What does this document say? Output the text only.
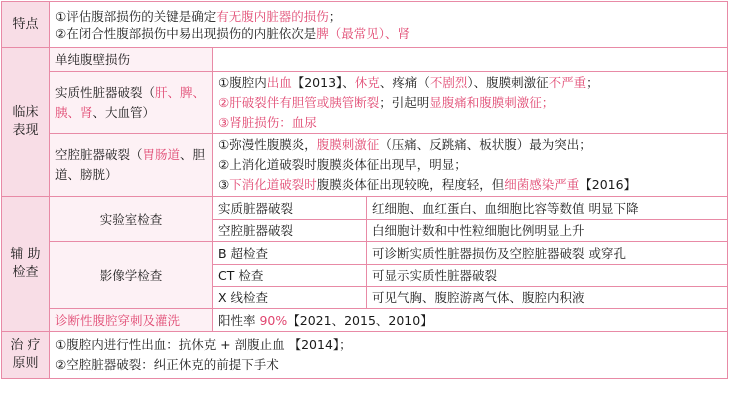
特点	①评估腹部损伤的关键是确定有无腹内脏器的损伤；
②在闭合性腹部损伤中易出现损伤的内脏依次是脾（最常见）、肾		

临床
表现	单纯腹壁损伤		
	实质性脏器破裂（肝、脾、胰、肾、大血管）	①腹腔内出血【2013】、休克、疼痛（不剧烈）、腹膜刺激征不严重；
②肝破裂伴有胆管或胰管断裂；引起明显腹痛和腹膜刺激征；
③肾脏损伤：血尿	

	空腔脏器破裂（胃肠道、胆道、膀胱）	①弥漫性腹膜炎，腹膜刺激征（压痛、反跳痛、板状腹）最为突出；
②上消化道破裂时腹膜炎体征出现早，明显；
③下消化道破裂时腹膜炎体征出现较晚，程度轻，但细菌感染严重【2016】	

辅 助
检查	实验室检查	实质脏器破裂	红细胞、血红蛋白、血细胞比容等数值 明显下降
		空腔脏器破裂	白细胞计数和中性粒细胞比例明显上升
	影像学检查	B 超检查	可诊断实质性脏器损伤及空腔脏器破裂 或穿孔
		CT 检查	可显示实质性脏器破裂
		X 线检查	可见气胸、腹腔游离气体、腹腔内积液
	诊断性腹腔穿刺及灌洗	阳性率 90%【2021、2015、2010】	

治 疗
原则	①腹腔内进行性出血：抗休克 + 剖腹止血 【2014】；
②空腔脏器破裂：纠正休克的前提下手术		
